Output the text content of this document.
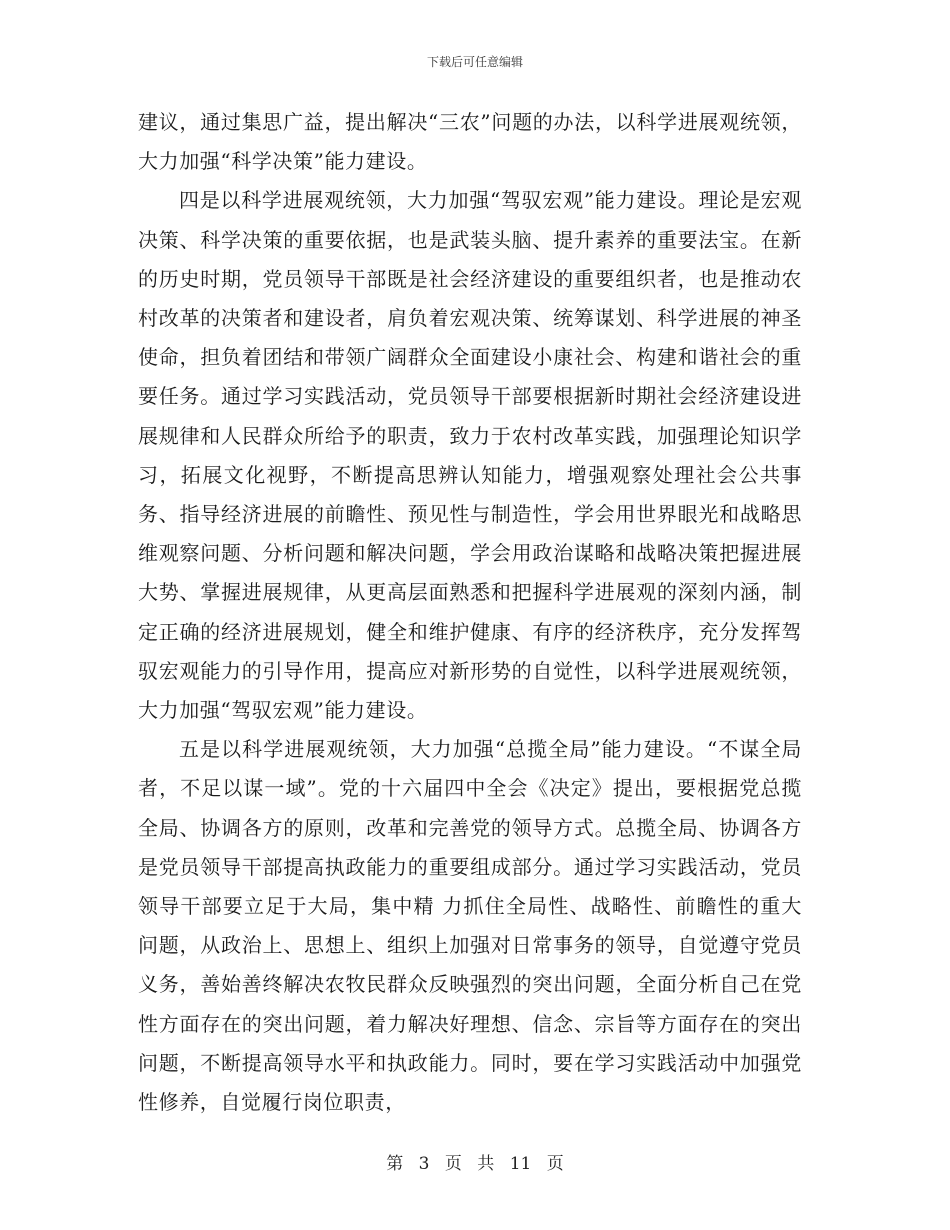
下载后可任意编辑

建议，通过集思广益，提出解决“三农”问题的办法，以科学进展观统领，大力加强“科学决策”能力建设。

四是以科学进展观统领，大力加强“驾驭宏观”能力建设。理论是宏观决策、科学决策的重要依据，也是武装头脑、提升素养的重要法宝。在新的历史时期，党员领导干部既是社会经济建设的重要组织者，也是推动农村改革的决策者和建设者，肩负着宏观决策、统筹谋划、科学进展的神圣使命，担负着团结和带领广阔群众全面建设小康社会、构建和谐社会的重要任务。通过学习实践活动，党员领导干部要根据新时期社会经济建设进展规律和人民群众所给予的职责，致力于农村改革实践，加强理论知识学习，拓展文化视野，不断提高思辨认知能力，增强观察处理社会公共事务、指导经济进展的前瞻性、预见性与制造性，学会用世界眼光和战略思维观察问题、分析问题和解决问题，学会用政治谋略和战略决策把握进展大势、掌握进展规律，从更高层面熟悉和把握科学进展观的深刻内涵，制定正确的经济进展规划，健全和维护健康、有序的经济秩序，充分发挥驾驭宏观能力的引导作用，提高应对新形势的自觉性，以科学进展观统领，大力加强“驾驭宏观”能力建设。

五是以科学进展观统领，大力加强“总揽全局”能力建设。“不谋全局者，不足以谋一域”。党的十六届四中全会《决定》提出，要根据党总揽全局、协调各方的原则，改革和完善党的领导方式。总揽全局、协调各方是党员领导干部提高执政能力的重要组成部分。通过学习实践活动，党员领导干部要立足于大局，集中精 力抓住全局性、战略性、前瞻性的重大问题，从政治上、思想上、组织上加强对日常事务的领导，自觉遵守党员义务，善始善终解决农牧民群众反映强烈的突出问题，全面分析自己在党性方面存在的突出问题，着力解决好理想、信念、宗旨等方面存在的突出问题，不断提高领导水平和执政能力。同时，要在学习实践活动中加强党性修养，自觉履行岗位职责，

第 3 页 共 11 页
